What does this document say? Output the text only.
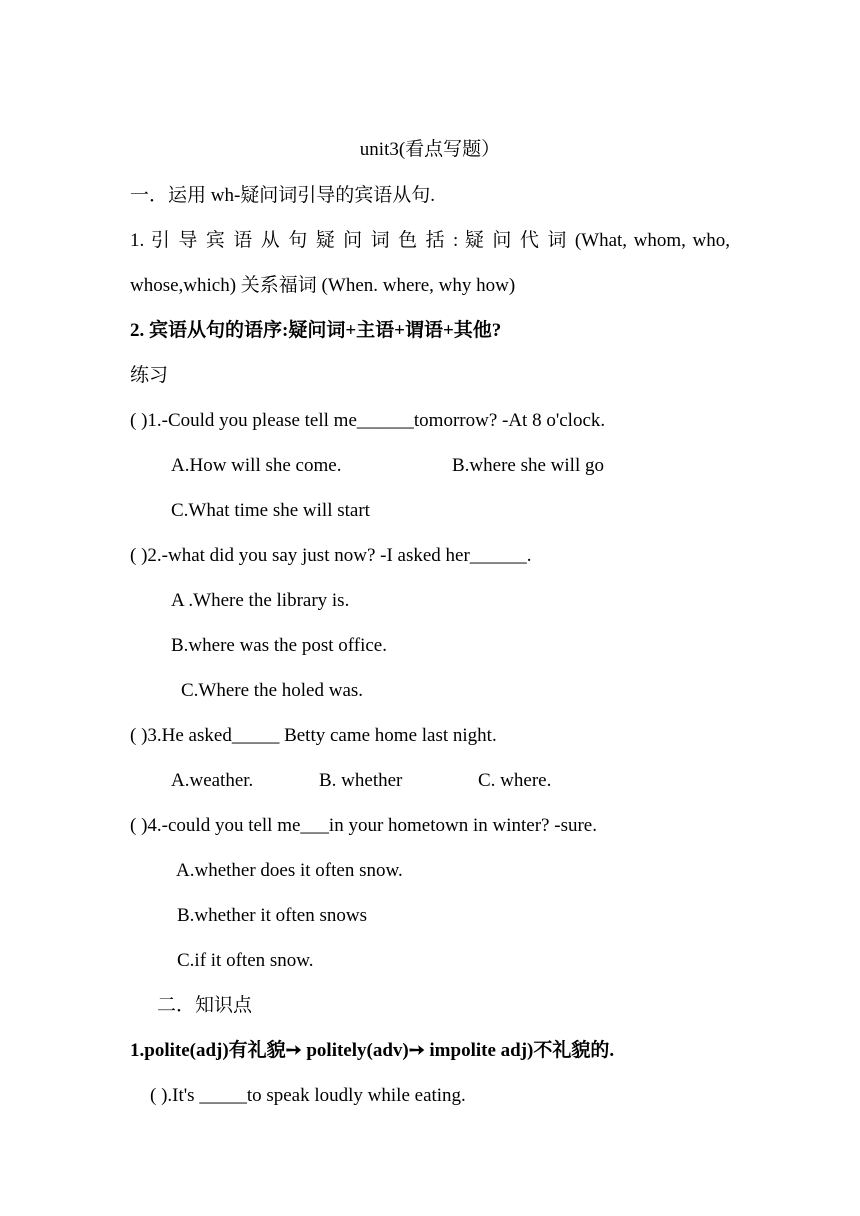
unit3(看点写题）
一．运用 wh-疑问词引导的宾语从句.
1. 引 导 宾 语 从 句 疑 问 词 色 括 : 疑 问 代 词 (What, whom, who,
whose,which) 关系福词 (When. where, why how)
2. 宾语从句的语序:疑问词+主语+谓语+其他?
练习
( )1.-Could you please tell me______tomorrow? -At 8 o'clock.
A.How will she come.	B.where she will go
C.What time she will start
( )2.-what did you say just now? -I asked her______.
A .Where the library is.
B.where was the post office.
C.Where the holed was.
( )3.He asked_____ Betty came home last night.
A.weather.	B. whether	C. where.
( )4.-could you tell me___in your hometown in winter? -sure.
A.whether does it often snow.
B.whether it often snows
C.if it often snow.
二．知识点
1.polite(adj)有礼貌➙ politely(adv)➙ impolite adj)不礼貌的.
( ).It's _____to speak loudly while eating.
